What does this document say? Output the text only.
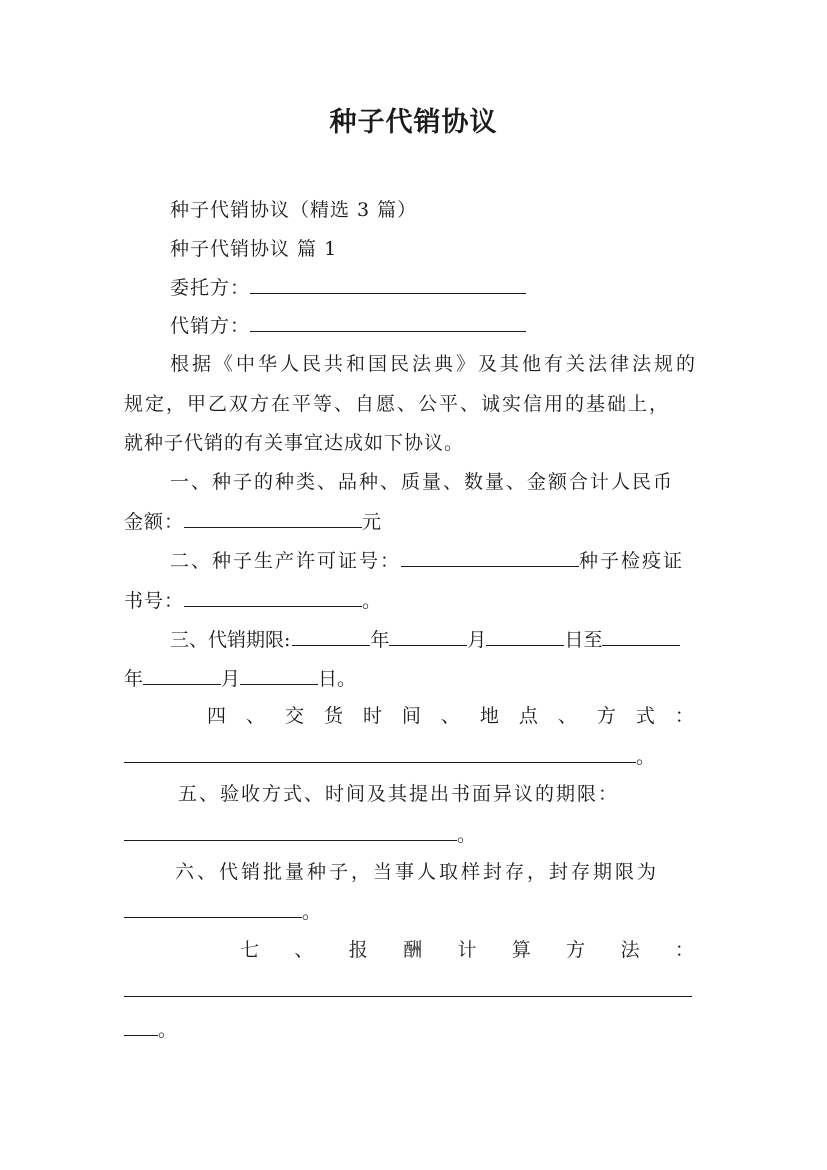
种子代销协议
种子代销协议（精选 3 篇）
种子代销协议 篇 1
委托方：
代销方：
根据《中华人民共和国民法典》及其他有关法律法规的
规定，甲乙双方在平等、自愿、公平、诚实信用的基础上，
就种子代销的有关事宜达成如下协议。
一、种子的种类、品种、质量、数量、金额合计人民币
金额：	元
二、种子生产许可证号：	种子检疫证
书号：	。
三、代销期限:	年	月	日至
年	月	日。
四 、 交 货 时 间 、 地 点 、 方 式 ：
。
五、验收方式、时间及其提出书面异议的期限：
。
六、代销批量种子，当事人取样封存，封存期限为
。
七 、 报 酬 计 算 方 法 ：
。
